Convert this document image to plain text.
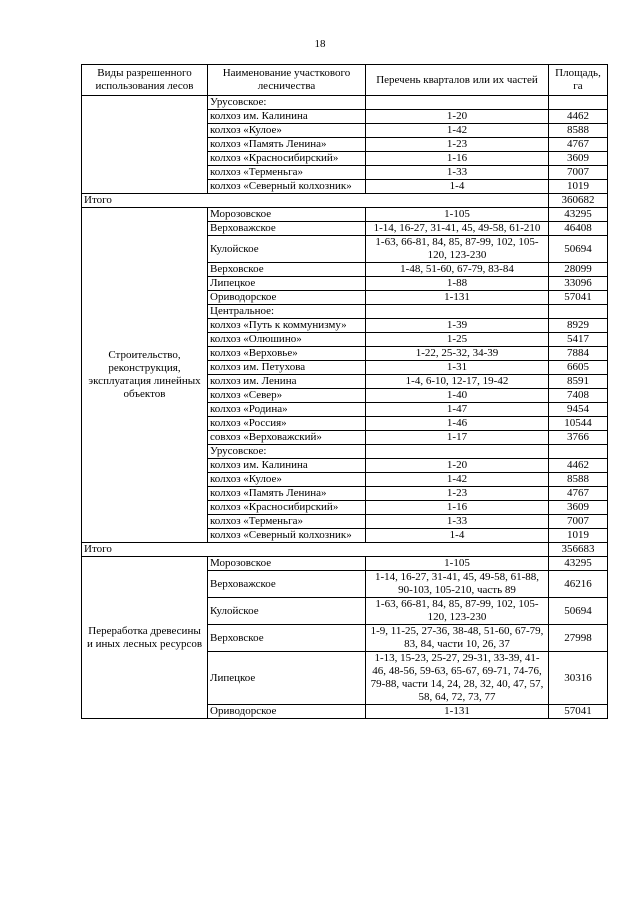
18
Виды разрешенного использования лесов	Наименование участкового лесничества	Перечень кварталов или их частей	Площадь, га
	Урусовское:		
	колхоз им. Калинина	1-20	4462
	колхоз «Кулое»	1-42	8588
	колхоз «Память Ленина»	1-23	4767
	колхоз «Красносибирский»	1-16	3609
	колхоз «Терменьга»	1-33	7007
	колхоз «Северный колхозник»	1-4	1019
Итого			360682
Строительство, реконструкция, эксплуатация линейных объектов	Морозовское	1-105	43295
	Верховажское	1-14, 16-27, 31-41, 45, 49-58, 61-210	46408
	Кулойское	1-63, 66-81, 84, 85, 87-99, 102, 105-120, 123-230	50694
	Верховское	1-48, 51-60, 67-79, 83-84	28099
	Липецкое	1-88	33096
	Ориводорское	1-131	57041
	Центральное:		
	колхоз «Путь к коммунизму»	1-39	8929
	колхоз «Олюшино»	1-25	5417
	колхоз «Верховье»	1-22, 25-32, 34-39	7884
	колхоз им. Петухова	1-31	6605
	колхоз им. Ленина	1-4, 6-10, 12-17, 19-42	8591
	колхоз «Север»	1-40	7408
	колхоз «Родина»	1-47	9454
	колхоз «Россия»	1-46	10544
	совхоз «Верховажский»	1-17	3766
	Урусовское:		
	колхоз им. Калинина	1-20	4462
	колхоз «Кулое»	1-42	8588
	колхоз «Память Ленина»	1-23	4767
	колхоз «Красносибирский»	1-16	3609
	колхоз «Терменьга»	1-33	7007
	колхоз «Северный колхозник»	1-4	1019
Итого			356683
Переработка древесины и иных лесных ресурсов	Морозовское	1-105	43295
	Верховажское	1-14, 16-27, 31-41, 45, 49-58, 61-88, 90-103, 105-210, часть 89	46216
	Кулойское	1-63, 66-81, 84, 85, 87-99, 102, 105-120, 123-230	50694
	Верховское	1-9, 11-25, 27-36, 38-48, 51-60, 67-79, 83, 84, части 10, 26, 37	27998
	Липецкое	1-13, 15-23, 25-27, 29-31, 33-39, 41-46, 48-56, 59-63, 65-67, 69-71, 74-76, 79-88, части 14, 24, 28, 32, 40, 47, 57, 58, 64, 72, 73, 77	30316
	Ориводорское	1-131	57041
